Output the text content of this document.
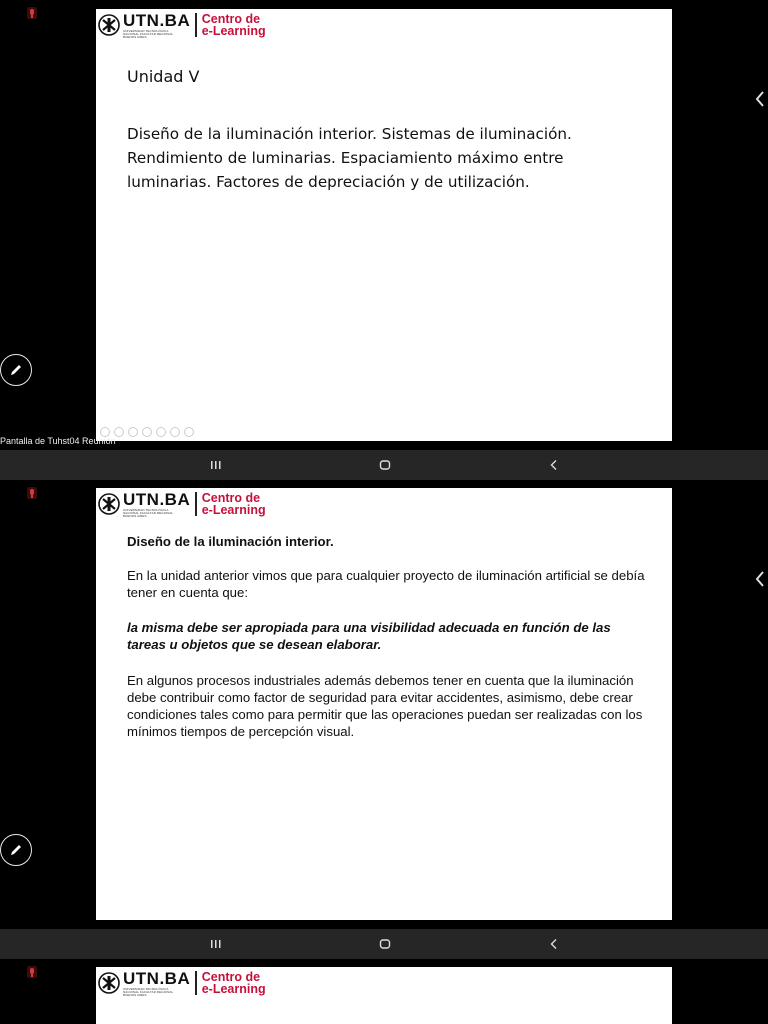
UTN.BA
UNIVERSIDAD TECNOLÓGICA NACIONAL FACULTAD REGIONAL BUENOS AIRES
Centro de
e-Learning
Unidad V

Diseño de la iluminación interior. Sistemas de iluminación. Rendimiento de luminarias. Espaciamiento máximo entre luminarias. Factores de depreciación y de utilización.

Pantalla de Tuhst04 Reunión
UTN.BA
UNIVERSIDAD TECNOLÓGICA NACIONAL FACULTAD REGIONAL BUENOS AIRES
Centro de
e-Learning

Diseño de la iluminación interior.

En la unidad anterior vimos que para cualquier proyecto de iluminación artificial se debía tener en cuenta que:

la misma debe ser apropiada para una visibilidad adecuada en función de las tareas u objetos que se desean elaborar.

En algunos procesos industriales además debemos tener en cuenta que la iluminación debe contribuir como factor de seguridad para evitar accidentes, asimismo, debe crear condiciones tales como para permitir que las operaciones puedan ser realizadas con los mínimos tiempos de percepción visual.

UTN.BA
UNIVERSIDAD TECNOLÓGICA NACIONAL FACULTAD REGIONAL BUENOS AIRES
Centro de
e-Learning
